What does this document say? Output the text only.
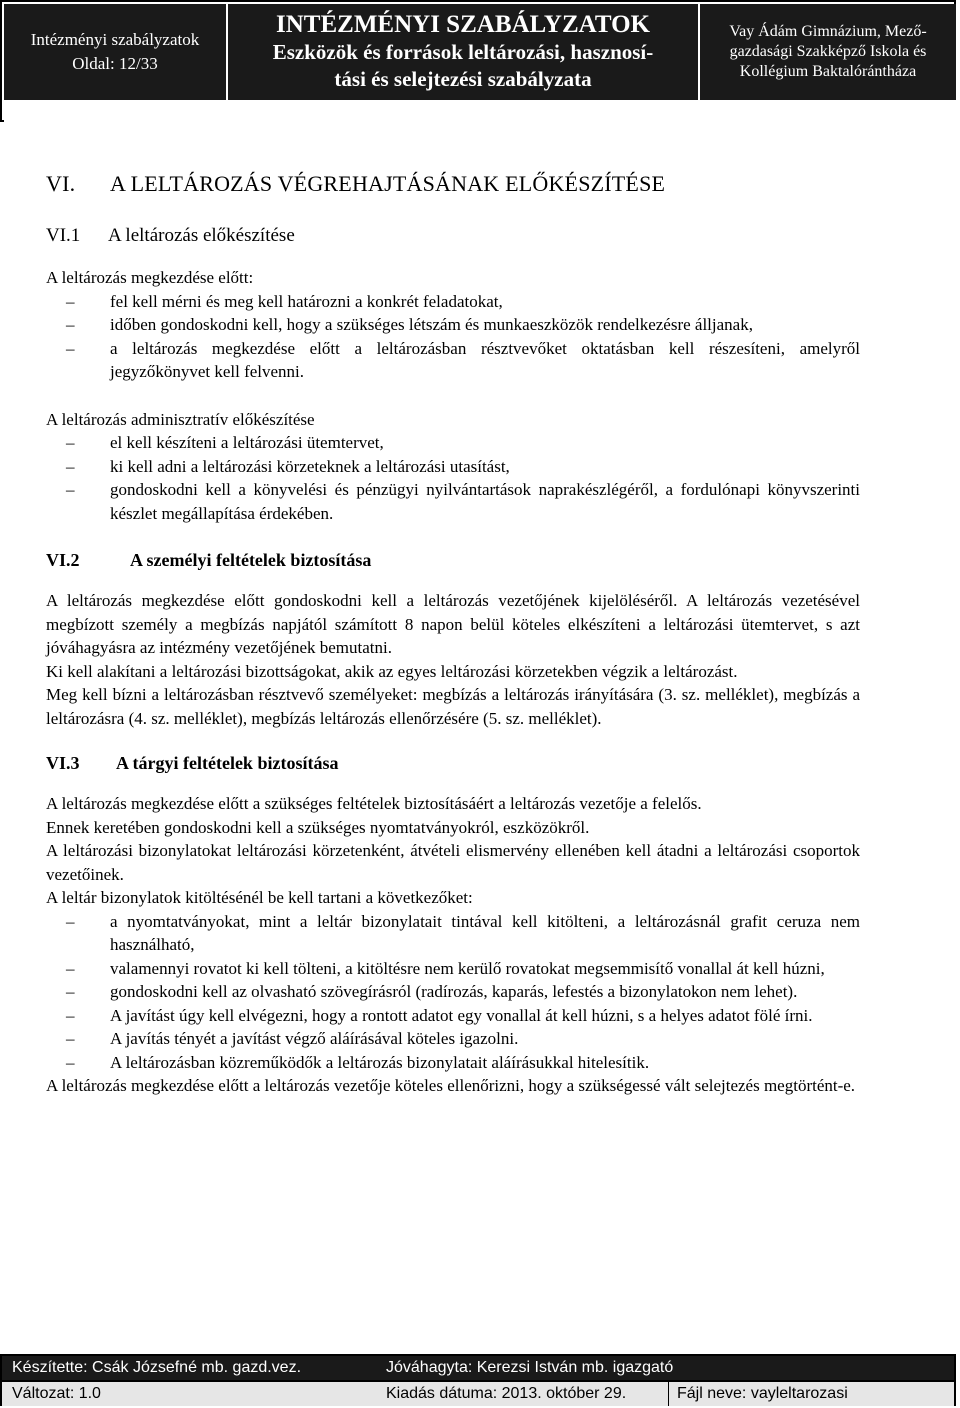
Intézményi szabályzatok
Oldal: 12/33
INTÉZMÉNYI SZABÁLYZATOK
Eszközök és források leltározási, hasznosí-
tási és selejtezési szabályzata
Vay Ádám Gimnázium, Mező-
gazdasági Szakképző Iskola és
Kollégium Baktalórántháza
VI. A LELTÁROZÁS VÉGREHAJTÁSÁNAK ELŐKÉSZÍTÉSE
VI.1 A leltározás előkészítése

A leltározás megkezdése előtt:

– fel kell mérni és meg kell határozni a konkrét feladatokat,
– időben gondoskodni kell, hogy a szükséges létszám és munkaeszközök rendelkezésre álljanak,
– a leltározás megkezdése előtt a leltározásban résztvevőket oktatásban kell részesíteni, amelyről jegyzőkönyvet kell felvenni.

A leltározás adminisztratív előkészítése

– el kell készíteni a leltározási ütemtervet,
– ki kell adni a leltározási körzeteknek a leltározási utasítást,
– gondoskodni kell a könyvelési és pénzügyi nyilvántartások naprakészlégéről, a fordulónapi könyvszerinti készlet megállapítása érdekében.
VI.2	A személyi feltételek biztosítása

A leltározás megkezdése előtt gondoskodni kell a leltározás vezetőjének kijelöléséről. A leltározás vezetésével megbízott személy a megbízás napjától számított 8 napon belül köteles elkészíteni a leltározási ütemtervet, s azt jóváhagyásra az intézmény vezetőjének bemutatni.

Ki kell alakítani a leltározási bizottságokat, akik az egyes leltározási körzetekben végzik a leltározást.

Meg kell bízni a leltározásban résztvevő személyeket: megbízás a leltározás irányítására (3. sz. melléklet), megbízás a leltározásra (4. sz. melléklet), megbízás leltározás ellenőrzésére (5. sz. melléklet).

VI.3 A tárgyi feltételek biztosítása

A leltározás megkezdése előtt a szükséges feltételek biztosításáért a leltározás vezetője a felelős.

Ennek keretében gondoskodni kell a szükséges nyomtatványokról, eszközökről.

A leltározási bizonylatokat leltározási körzetenként, átvételi elismervény ellenében kell átadni a leltározási csoportok vezetőinek.

A leltár bizonylatok kitöltésénél be kell tartani a következőket:

– a nyomtatványokat, mint a leltár bizonylatait tintával kell kitölteni, a leltározásnál grafit ceruza nem használható,
– valamennyi rovatot ki kell tölteni, a kitöltésre nem kerülő rovatokat megsemmisítő vonallal át kell húzni,
– gondoskodni kell az olvasható szövegírásról (radírozás, kaparás, lefestés a bizonylatokon nem lehet).
– A javítást úgy kell elvégezni, hogy a rontott adatot egy vonallal át kell húzni, s a helyes adatot fölé írni.
– A javítás tényét a javítást végző aláírásával köteles igazolni.
– A leltározásban közreműködők a leltározás bizonylatait aláírásukkal hitelesítik.

A leltározás megkezdése előtt a leltározás vezetője köteles ellenőrizni, hogy a szükségessé vált selejtezés megtörtént-e.

Készítette: Csák Józsefné mb. gazd.vez.	Jóváhagyta: Kerezsi István mb. igazgató
Változat: 1.0	Kiadás dátuma: 2013. október 29.	Fájl neve: vayleltarozasi
